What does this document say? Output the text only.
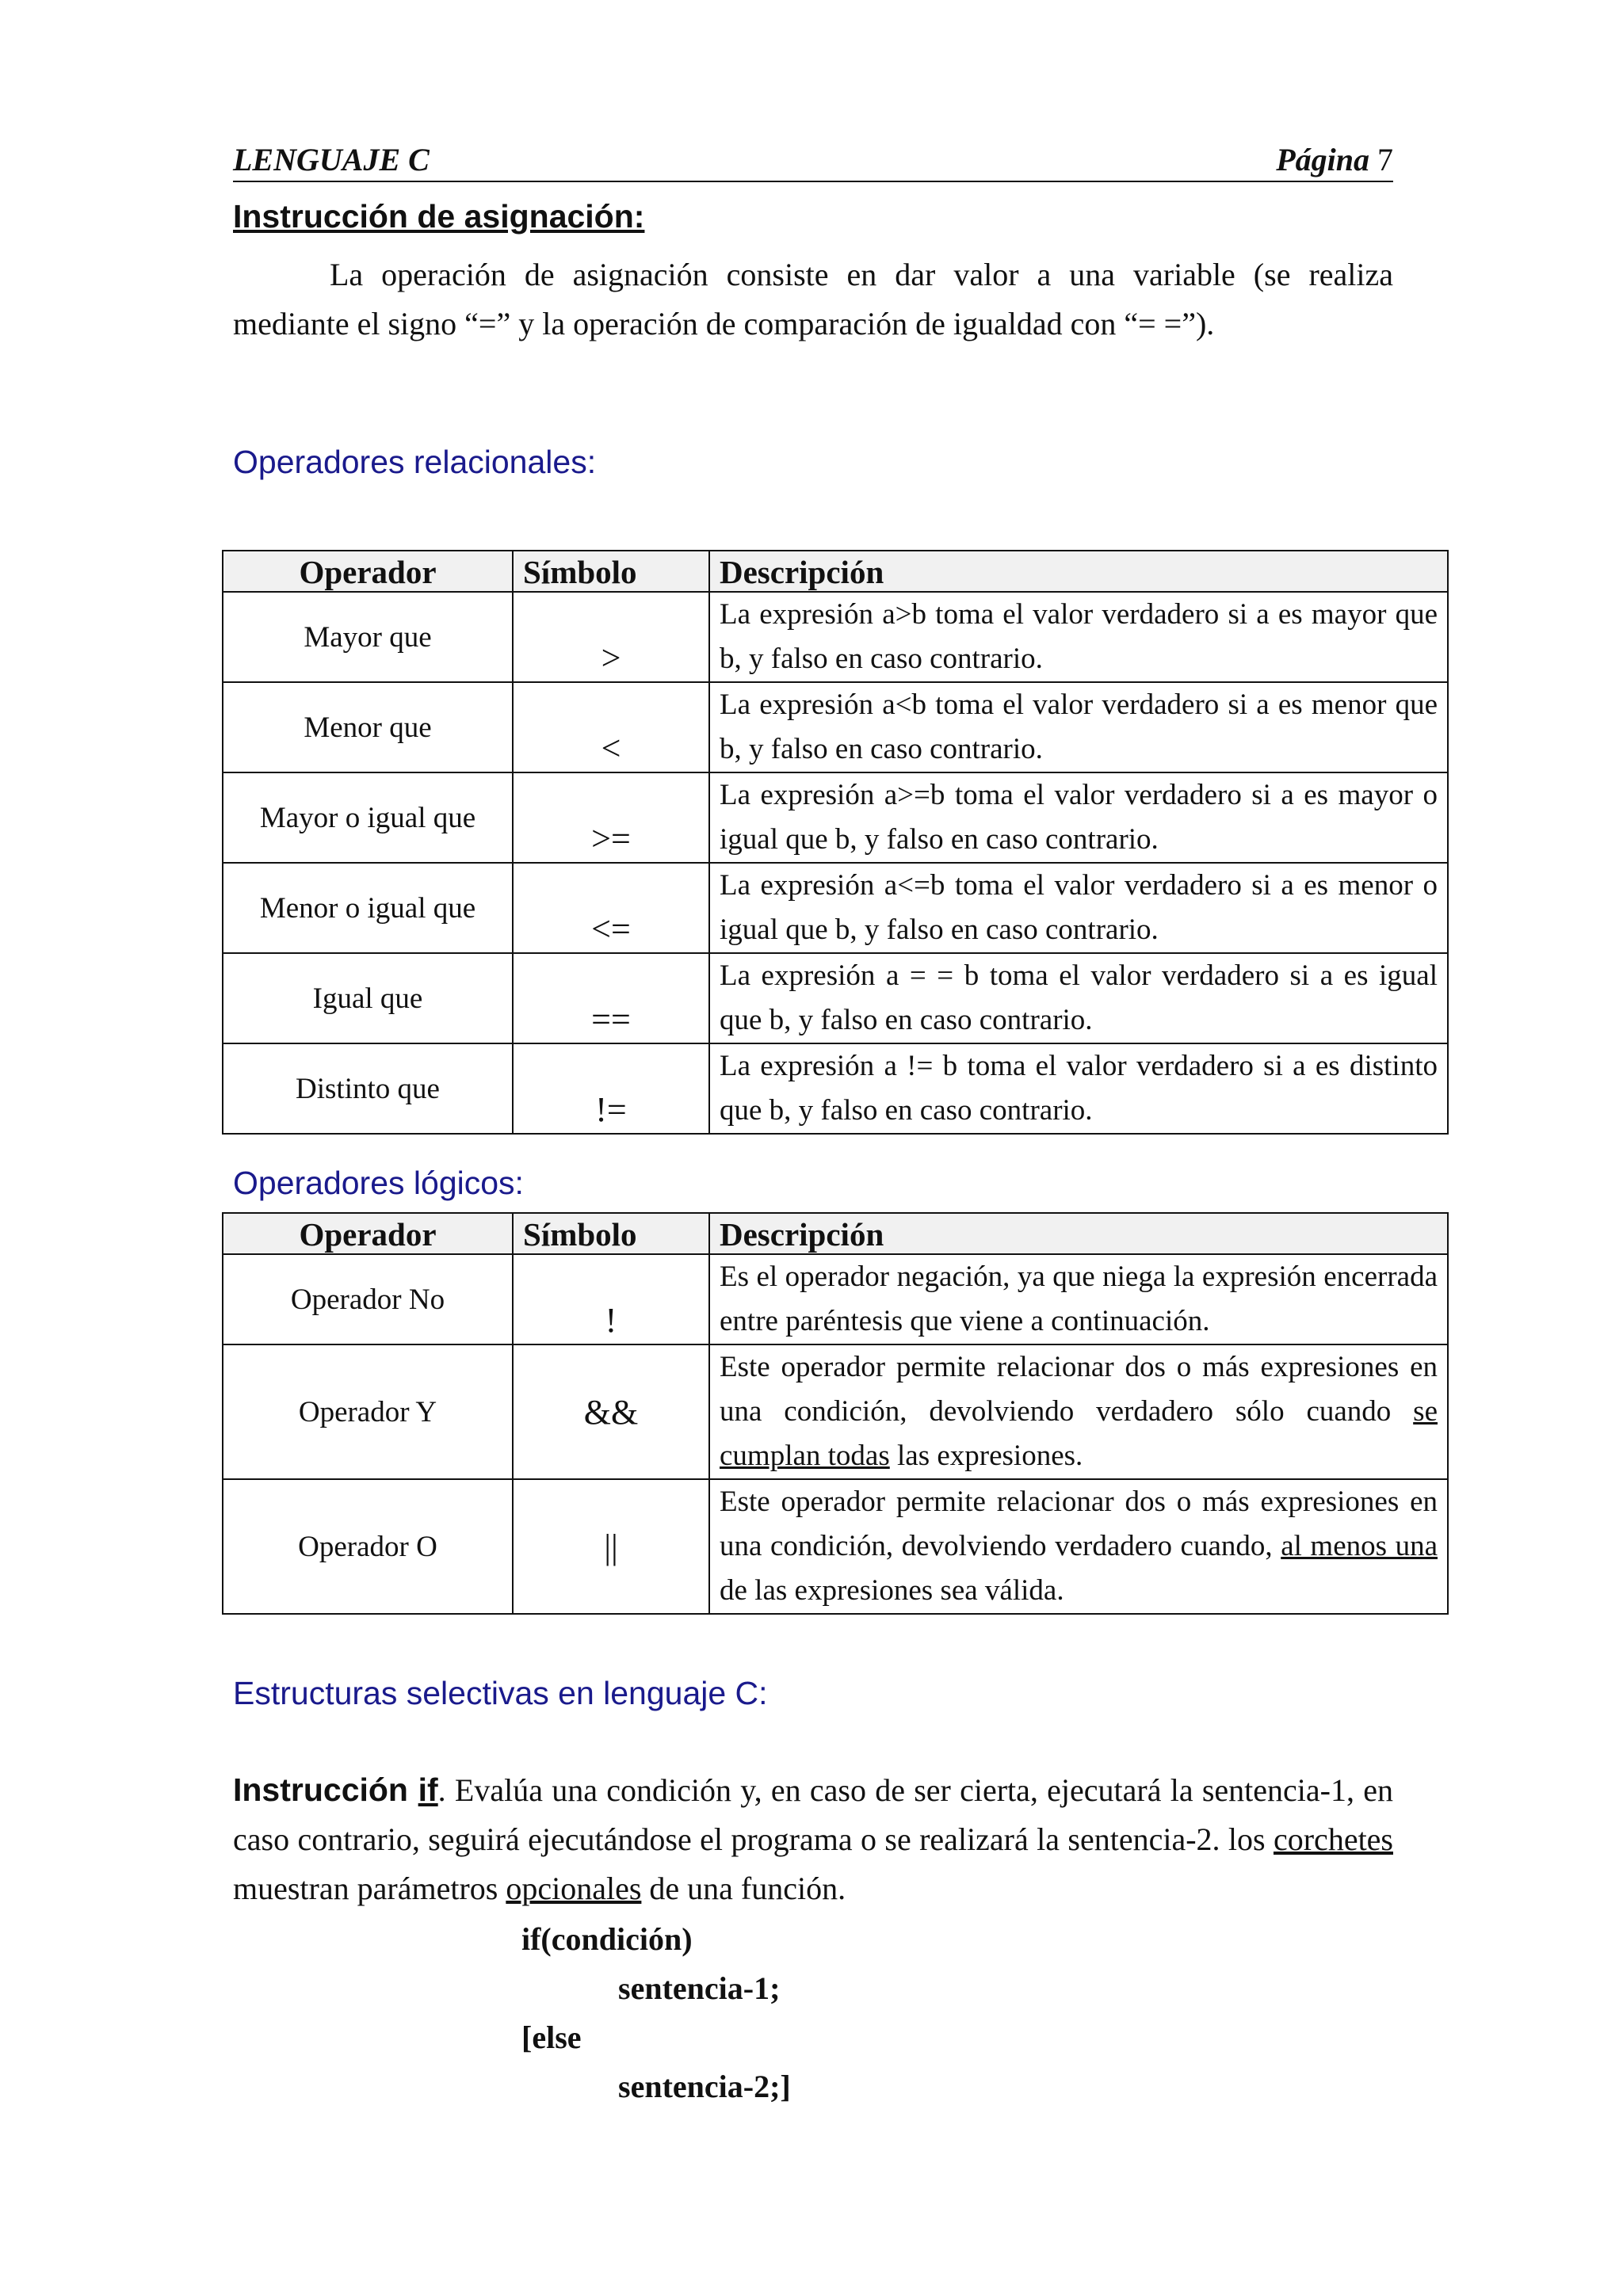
LENGUAJE C	Página 7
Instrucción de asignación:
La operación de asignación consiste en dar valor a una variable (se realiza mediante el signo “=” y la operación de comparación de igualdad con “= =”).
Operadores relacionales:
Operador	Símbolo	Descripción
Mayor que	>	La expresión a>b toma el valor verdadero si a es mayor que b, y falso en caso contrario.
Menor que	<	La expresión a<b toma el valor verdadero si a es menor que b, y falso en caso contrario.
Mayor o igual que	>=	La expresión a>=b toma el valor verdadero si a es mayor o igual que b, y falso en caso contrario.
Menor o igual que	<=	La expresión a<=b toma el valor verdadero si a es menor o igual que b, y falso en caso contrario.
Igual que	==	La expresión a = = b toma el valor verdadero si a es igual que b, y falso en caso contrario.
Distinto que	!=	La expresión a != b toma el valor verdadero si a es distinto que b, y falso en caso contrario.
Operadores lógicos:
Operador	Símbolo	Descripción
Operador No	!	Es el operador negación, ya que niega la expresión encerrada entre paréntesis que viene a continuación.
Operador Y	&&	Este operador permite relacionar dos o más expresiones en una condición, devolviendo verdadero sólo cuando se cumplan todas las expresiones.
Operador O	||	Este operador permite relacionar dos o más expresiones en una condición, devolviendo verdadero cuando, al menos una de las expresiones sea válida.
Estructuras selectivas en lenguaje C:
Instrucción if. Evalúa una condición y, en caso de ser cierta, ejecutará la sentencia-1, en caso contrario, seguirá ejecutándose el programa o se realizará la sentencia-2. los corchetes muestran parámetros opcionales de una función.
if(condición)
sentencia-1;
[else
sentencia-2;]
